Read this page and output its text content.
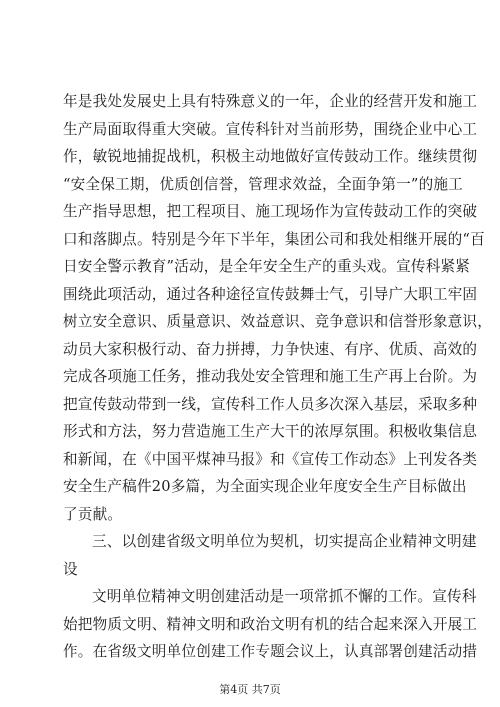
年是我处发展史上具有特殊意义的一年，企业的经营开发和施工
生产局面取得重大突破。宣传科针对当前形势，围绕企业中心工
作，敏锐地捕捉战机，积极主动地做好宣传鼓动工作。继续贯彻
“安全保工期，优质创信誉，管理求效益，全面争第一”的施工
生产指导思想，把工程项目、施工现场作为宣传鼓动工作的突破
口和落脚点。特别是今年下半年，集团公司和我处相继开展的“百
日安全警示教育”活动，是全年安全生产的重头戏。宣传科紧紧
围绕此项活动，通过各种途径宣传鼓舞士气，引导广大职工牢固
树立安全意识、质量意识、效益意识、竞争意识和信誉形象意识，
动员大家积极行动、奋力拼搏，力争快速、有序、优质、高效的
完成各项施工任务，推动我处安全管理和施工生产再上台阶。为
把宣传鼓动带到一线，宣传科工作人员多次深入基层，采取多种
形式和方法，努力营造施工生产大干的浓厚氛围。积极收集信息
和新闻，在《中国平煤神马报》和《宣传工作动态》上刊发各类
安全生产稿件20多篇，为全面实现企业年度安全生产目标做出
了贡献。
三、以创建省级文明单位为契机，切实提高企业精神文明建
设
文明单位精神文明创建活动是一项常抓不懈的工作。宣传科
始把物质文明、精神文明和政治文明有机的结合起来深入开展工
作。在省级文明单位创建工作专题会议上，认真部署创建活动措
第4页 共7页
